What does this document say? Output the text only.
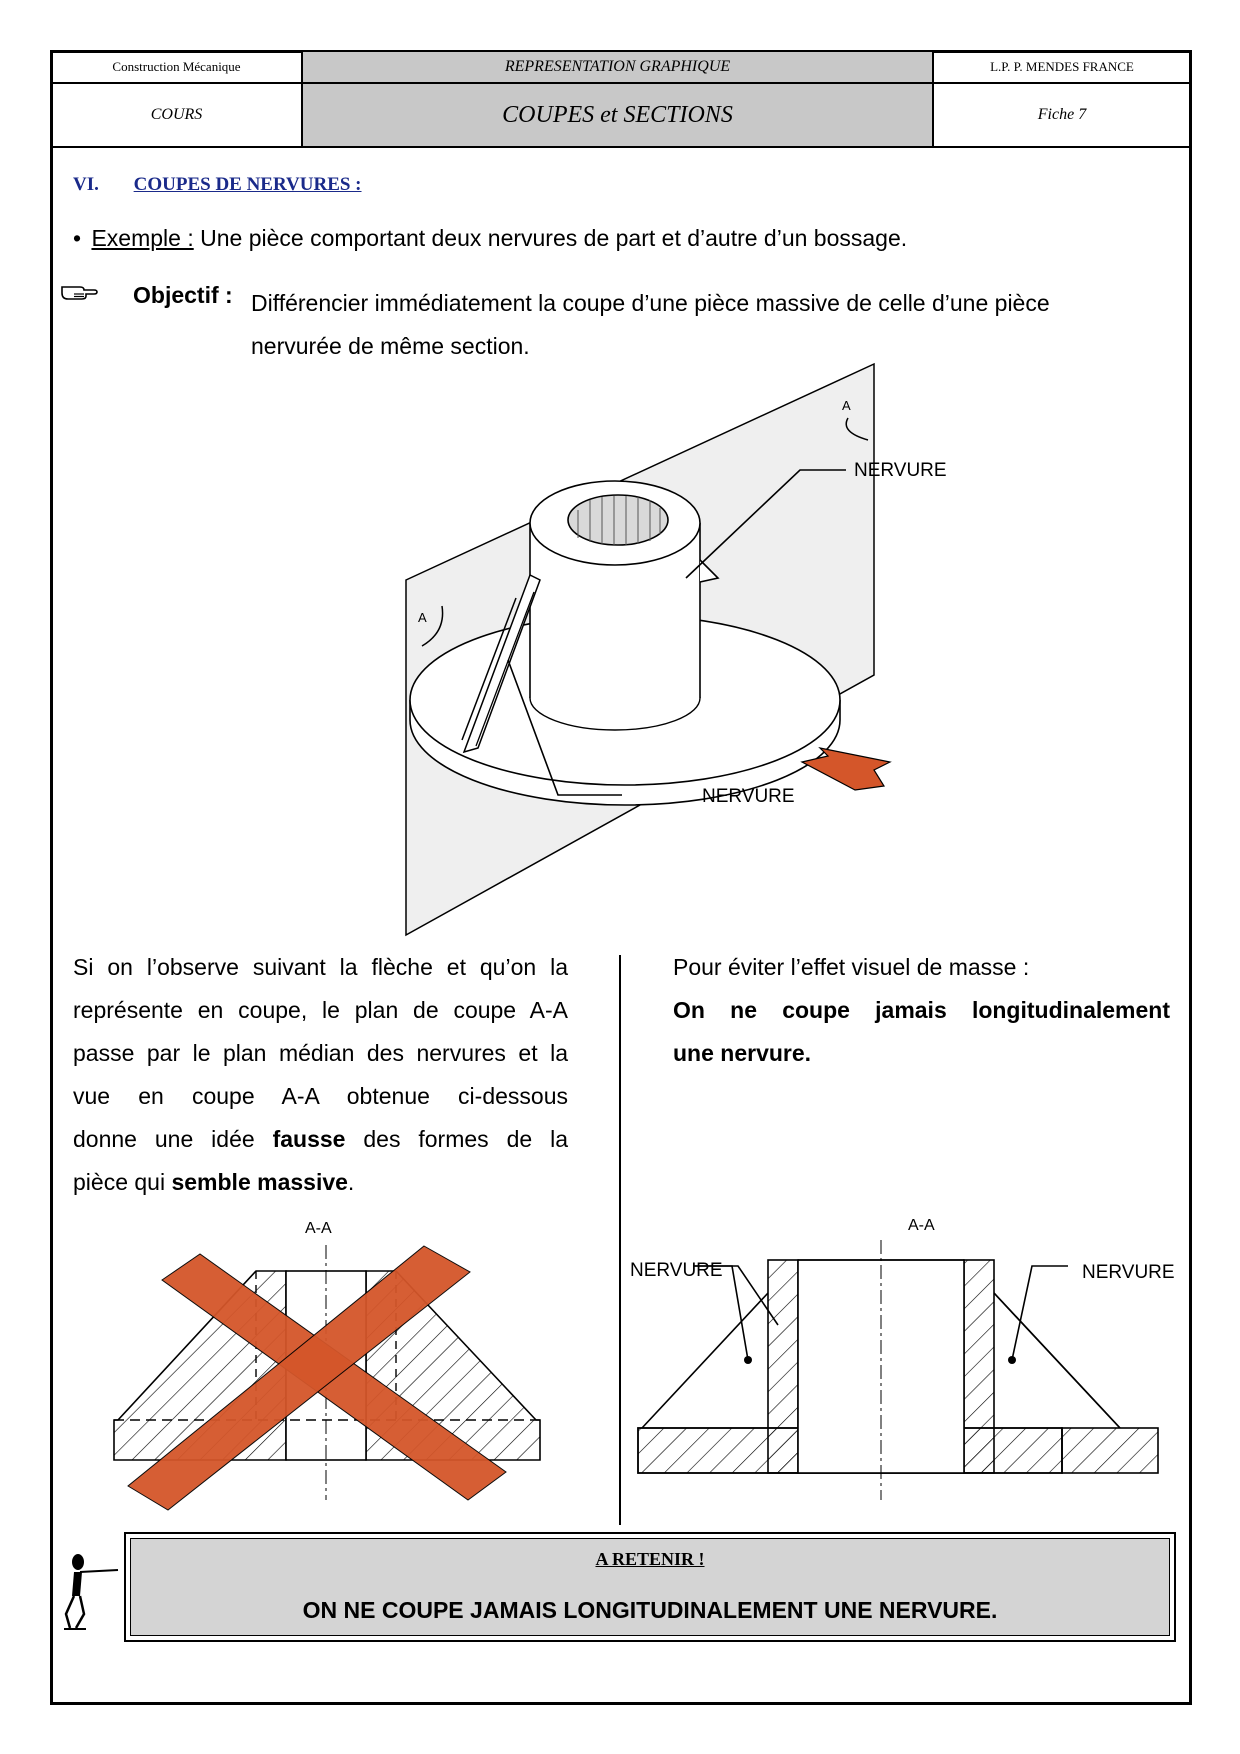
Construction Mécanique	REPRESENTATION GRAPHIQUE	L.P. P. MENDES FRANCE
COURS	COUPES et SECTIONS	Fiche 7
VI. COUPES DE NERVURES :
• Exemple : Une pièce comportant deux nervures de part et d’autre d’un bossage.
Objectif : Différencier immédiatement la coupe d’une pièce massive de celle d’une pièce
nervurée de même section.
A
A
NERVURE
NERVURE
Si on l’observe suivant la flèche et qu’on la
représente en coupe, le plan de coupe A-A
passe par le plan médian des nervures et la
vue en coupe A-A obtenue ci-dessous
donne une idée fausse des formes de la
pièce qui semble massive.
Pour éviter l’effet visuel de masse :
On ne coupe jamais longitudinalement
une nervure.
A-A	A-A
NERVURE	NERVURE
A RETENIR !
ON NE COUPE JAMAIS LONGITUDINALEMENT UNE NERVURE.
